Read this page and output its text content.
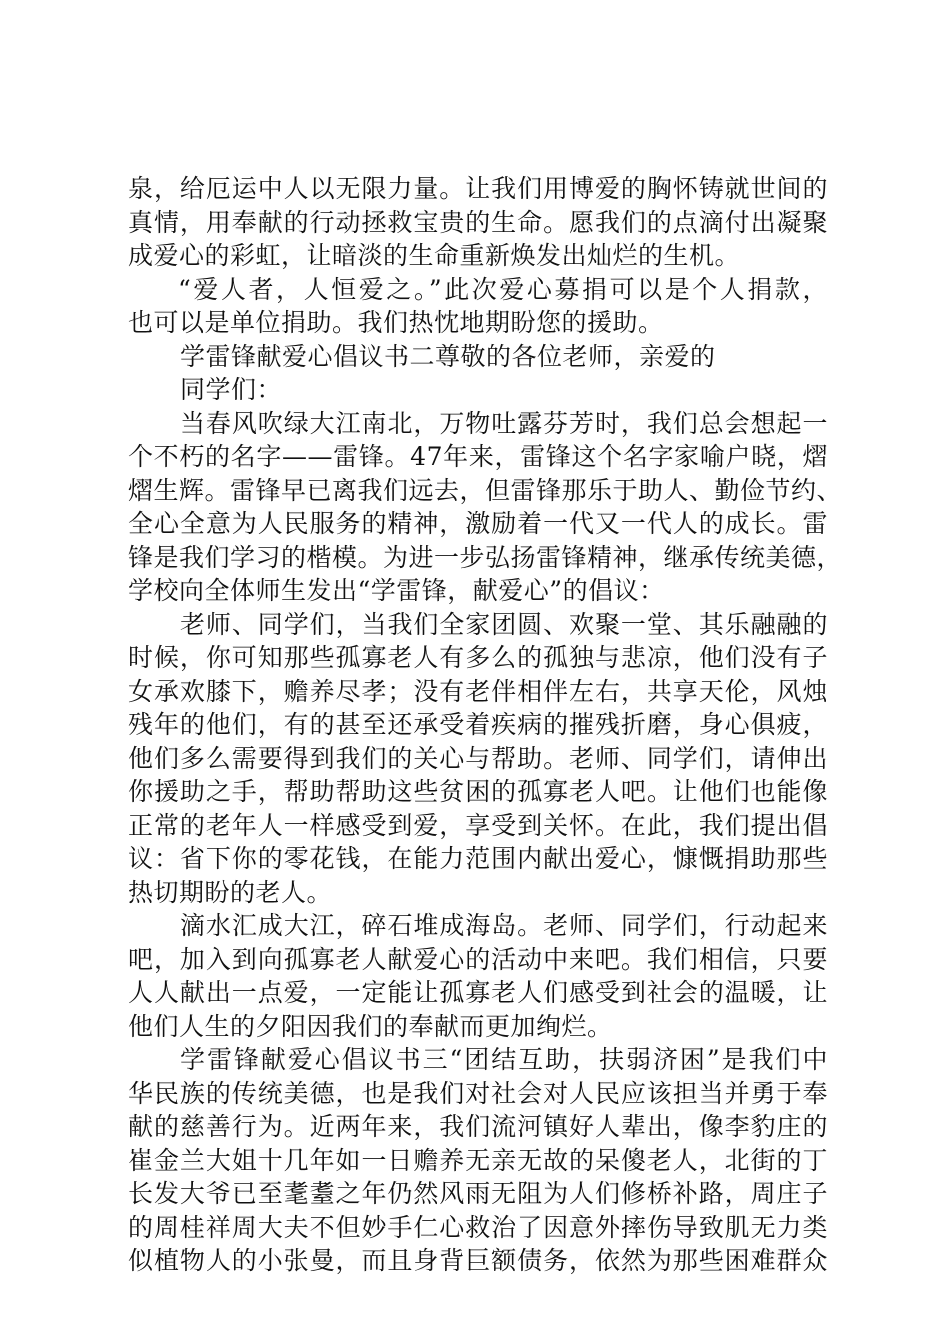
泉，给厄运中人以无限力量。让我们用博爱的胸怀铸就世间的
真情，用奉献的行动拯救宝贵的生命。愿我们的点滴付出凝聚
成爱心的彩虹，让暗淡的生命重新焕发出灿烂的生机。
“爱人者，人恒爱之。”此次爱心募捐可以是个人捐款，
也可以是单位捐助。我们热忱地期盼您的援助。
学雷锋献爱心倡议书二尊敬的各位老师，亲爱的
同学们：
当春风吹绿大江南北，万物吐露芬芳时，我们总会想起一
个不朽的名字——雷锋。47年来，雷锋这个名字家喻户晓，熠
熠生辉。雷锋早已离我们远去，但雷锋那乐于助人、勤俭节约、
全心全意为人民服务的精神，激励着一代又一代人的成长。雷
锋是我们学习的楷模。为进一步弘扬雷锋精神，继承传统美德，
学校向全体师生发出“学雷锋，献爱心”的倡议：
老师、同学们，当我们全家团圆、欢聚一堂、其乐融融的
时候，你可知那些孤寡老人有多么的孤独与悲凉，他们没有子
女承欢膝下，赡养尽孝；没有老伴相伴左右，共享天伦，风烛
残年的他们，有的甚至还承受着疾病的摧残折磨，身心俱疲，
他们多么需要得到我们的关心与帮助。老师、同学们，请伸出
你援助之手，帮助帮助这些贫困的孤寡老人吧。让他们也能像
正常的老年人一样感受到爱，享受到关怀。在此，我们提出倡
议：省下你的零花钱，在能力范围内献出爱心，慷慨捐助那些
热切期盼的老人。
滴水汇成大江，碎石堆成海岛。老师、同学们，行动起来
吧，加入到向孤寡老人献爱心的活动中来吧。我们相信，只要
人人献出一点爱，一定能让孤寡老人们感受到社会的温暖，让
他们人生的夕阳因我们的奉献而更加绚烂。
学雷锋献爱心倡议书三“团结互助，扶弱济困”是我们中
华民族的传统美德，也是我们对社会对人民应该担当并勇于奉
献的慈善行为。近两年来，我们流河镇好人辈出，像李豹庄的
崔金兰大姐十几年如一日赡养无亲无故的呆傻老人，北街的丁
长发大爷已至耄耋之年仍然风雨无阻为人们修桥补路，周庄子
的周桂祥周大夫不但妙手仁心救治了因意外摔伤导致肌无力类
似植物人的小张曼，而且身背巨额债务，依然为那些困难群众
